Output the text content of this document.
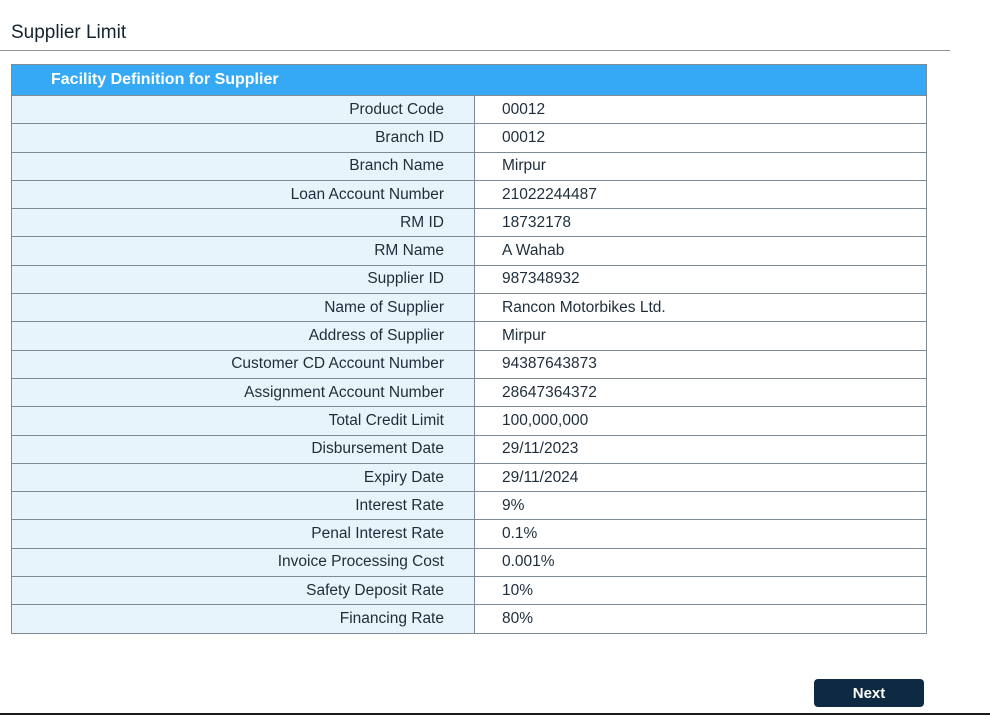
Supplier Limit
Facility Definition for Supplier
Product Code	00012
Branch ID	00012
Branch Name	Mirpur
Loan Account Number	21022244487
RM ID	18732178
RM Name	A Wahab
Supplier ID	987348932
Name of Supplier	Rancon Motorbikes Ltd.
Address of Supplier	Mirpur
Customer CD Account Number	94387643873
Assignment Account Number	28647364372
Total Credit Limit	100,000,000
Disbursement Date	29/11/2023
Expiry Date	29/11/2024
Interest Rate	9%
Penal Interest Rate	0.1%
Invoice Processing Cost	0.001%
Safety Deposit Rate	10%
Financing Rate	80%
Next
